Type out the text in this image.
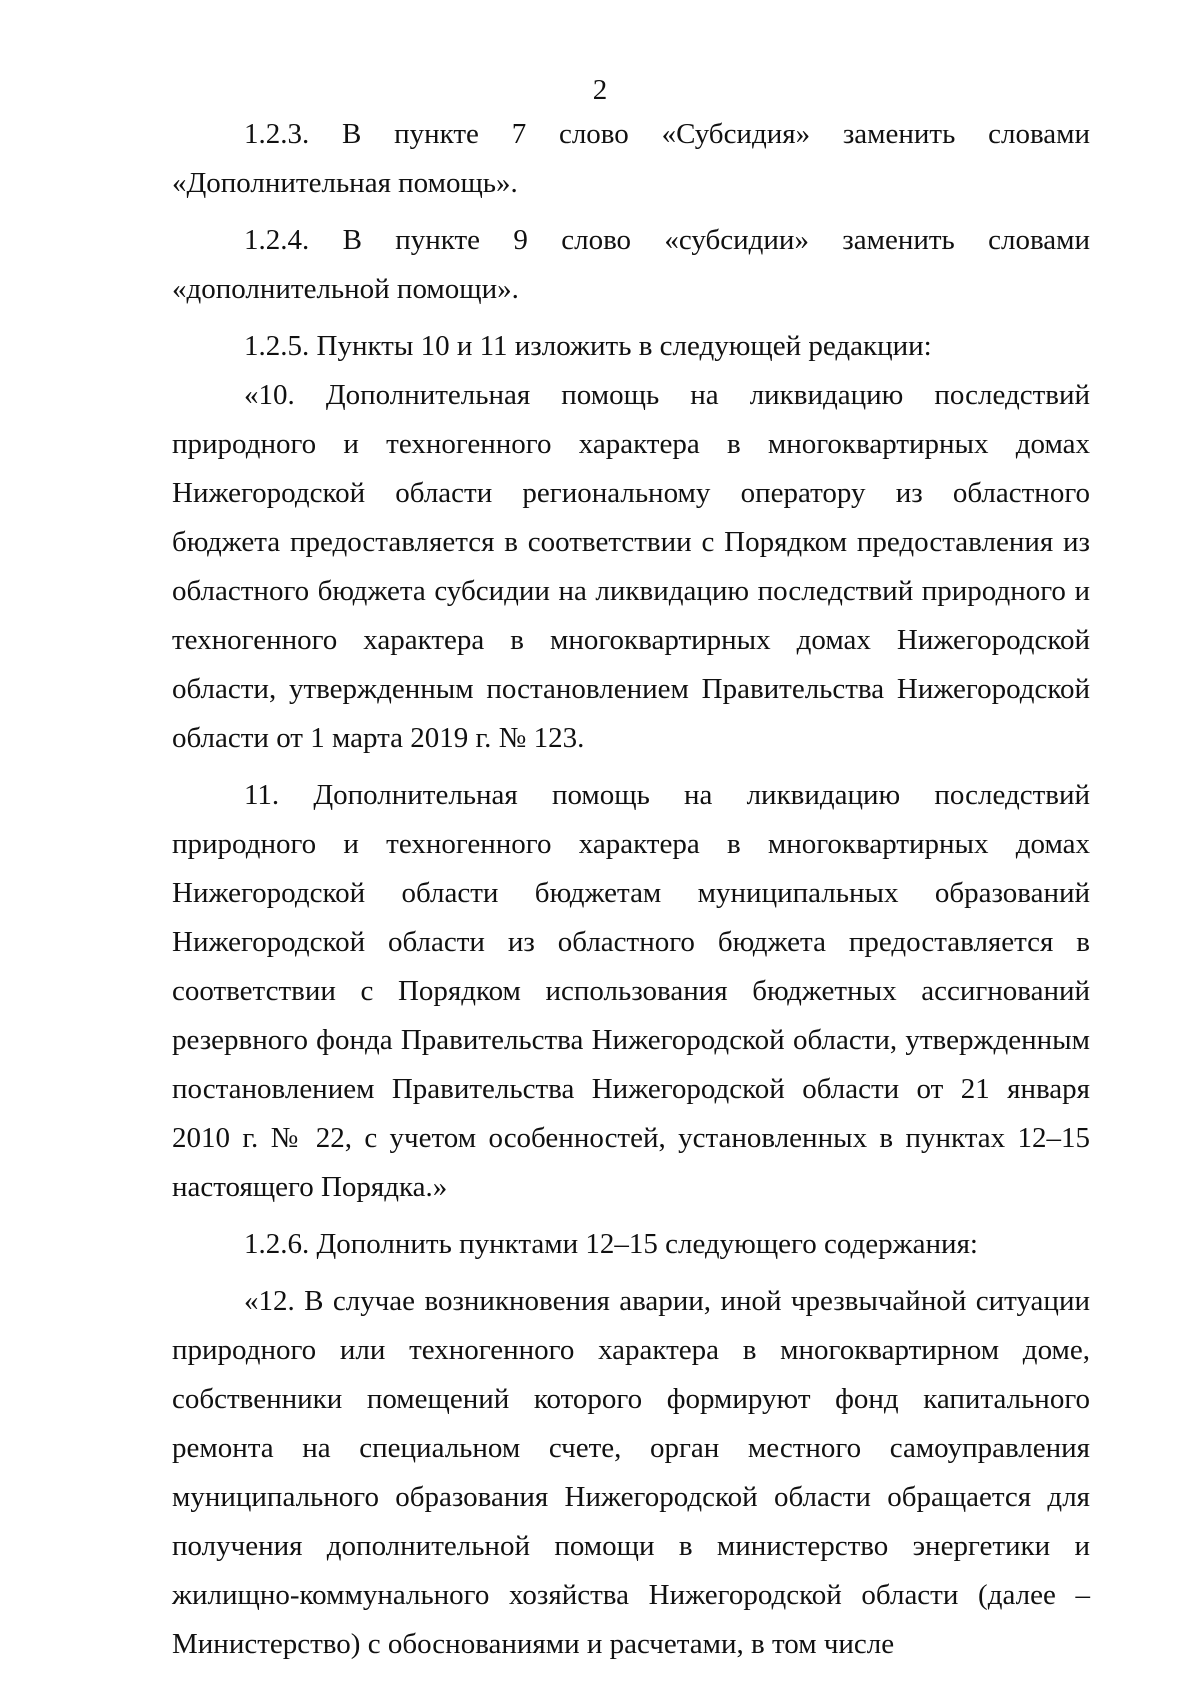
2

1.2.3. В пункте 7 слово «Субсидия» заменить словами «Дополнительная помощь».

1.2.4. В пункте 9 слово «субсидии» заменить словами «дополнительной помощи».

1.2.5. Пункты 10 и 11 изложить в следующей редакции:

«10. Дополнительная помощь на ликвидацию последствий природного и техногенного характера в многоквартирных домах Нижегородской области региональному оператору из областного бюджета предоставляется в соответствии с Порядком предоставления из областного бюджета субсидии на ликвидацию последствий природного и техногенного характера в многоквартирных домах Нижегородской области, утвержденным постановлением Правительства Нижегородской области от 1 марта 2019 г. № 123.

11. Дополнительная помощь на ликвидацию последствий природного и техногенного характера в многоквартирных домах Нижегородской области бюджетам муниципальных образований Нижегородской области из областного бюджета предоставляется в соответствии с Порядком использования бюджетных ассигнований резервного фонда Правительства Нижегородской области, утвержденным постановлением Правительства Нижегородской области от 21 января 2010 г. № 22, с учетом особенностей, установленных в пунктах 12–15 настоящего Порядка.»

1.2.6. Дополнить пунктами 12–15 следующего содержания:

«12. В случае возникновения аварии, иной чрезвычайной ситуации природного или техногенного характера в многоквартирном доме, собственники помещений которого формируют фонд капитального ремонта на специальном счете, орган местного самоуправления муниципального образования Нижегородской области обращается для получения дополнительной помощи в министерство энергетики и жилищно-коммунального хозяйства Нижегородской области (далее – Министерство) с обоснованиями и расчетами, в том числе
